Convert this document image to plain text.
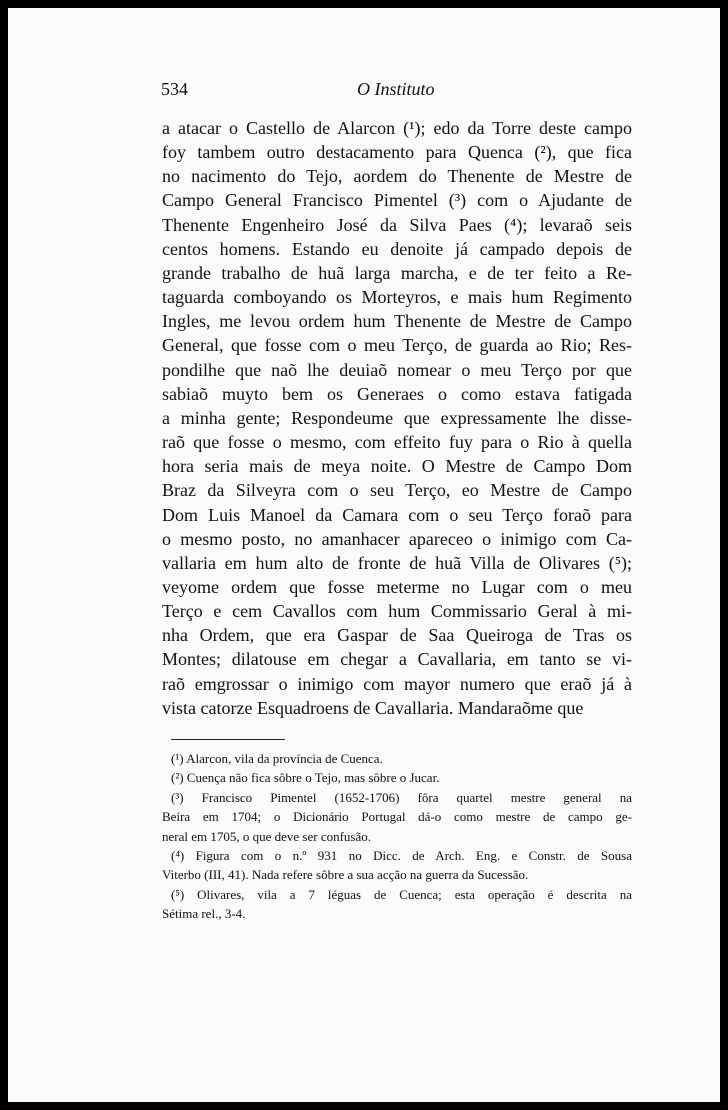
534	O Instituto
a atacar o Castello de Alarcon (¹); edo da Torre deste campo
foy tambem outro destacamento para Quenca (²), que fica
no nacimento do Tejo, aordem do Thenente de Mestre de
Campo General Francisco Pimentel (³) com o Ajudante de
Thenente Engenheiro José da Silva Paes (⁴); levaraõ seis
centos homens. Estando eu denoite já campado depois de
grande trabalho de huã larga marcha, e de ter feito a Re-
taguarda comboyando os Morteyros, e mais hum Regimento
Ingles, me levou ordem hum Thenente de Mestre de Campo
General, que fosse com o meu Terço, de guarda ao Rio; Res-
pondilhe que naõ lhe deuiaõ nomear o meu Terço por que
sabiaõ muyto bem os Generaes o como estava fatigada
a minha gente; Respondeume que expressamente lhe disse-
raõ que fosse o mesmo, com effeito fuy para o Rio à quella
hora seria mais de meya noite. O Mestre de Campo Dom
Braz da Silveyra com o seu Terço, eo Mestre de Campo
Dom Luis Manoel da Camara com o seu Terço foraõ para
o mesmo posto, no amanhacer apareceo o inimigo com Ca-
vallaria em hum alto de fronte de huã Villa de Olivares (⁵);
veyome ordem que fosse meterme no Lugar com o meu
Terço e cem Cavallos com hum Commissario Geral à mi-
nha Ordem, que era Gaspar de Saa Queiroga de Tras os
Montes; dilatouse em chegar a Cavallaria, em tanto se vi-
raõ emgrossar o inimigo com mayor numero que eraõ já à
vista catorze Esquadroens de Cavallaria. Mandaraõme que
(¹) Alarcon, vila da província de Cuenca.
(²) Cuença não fica sôbre o Tejo, mas sôbre o Jucar.
(³) Francisco Pimentel (1652-1706) fôra quartel mestre general na
Beira em 1704; o Dicionário Portugal dá-o como mestre de campo ge-
neral em 1705, o que deve ser confusão.
(⁴) Figura com o n.º 931 no Dicc. de Arch. Eng. e Constr. de Sousa
Viterbo (III, 41). Nada refere sôbre a sua acção na guerra da Sucessão.
(⁵) Olivares, vila a 7 léguas de Cuenca; esta operação é descrita na
Sétima rel., 3-4.
